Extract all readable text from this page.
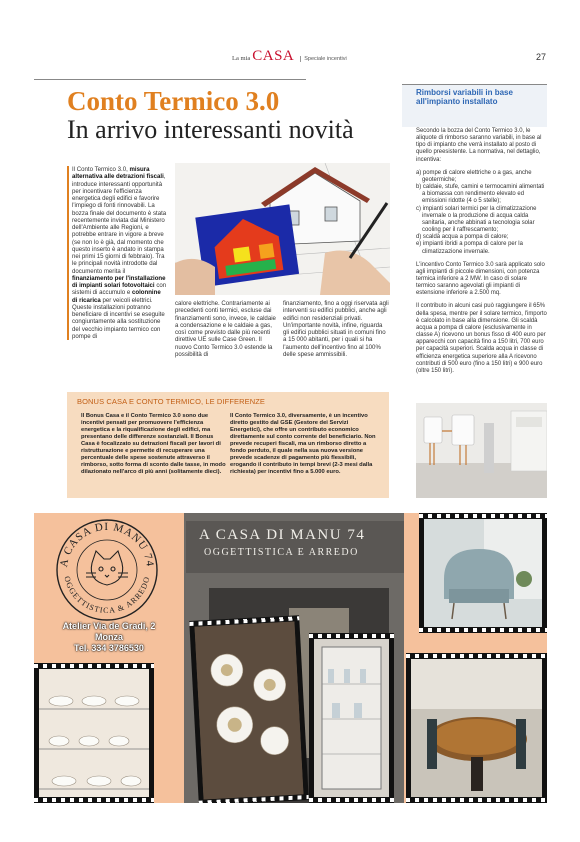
La mia CASA	Speciale incentivi	27
Conto Termico 3.0
In arrivo interessanti novità
Il Conto Termico 3.0, misura alternativa alle detrazioni fiscali, introduce interessanti opportunità per incentivare l'efficienza energetica degli edifici e favorire l'impiego di fonti rinnovabili. La bozza finale del documento è stata recentemente inviata dal Ministero dell'Ambiente alle Regioni, e potrebbe entrare in vigore a breve (se non lo è già, dal momento che questo inserto è andato in stampa nei primi 15 giorni di febbraio). Tra le principali novità introdotte dal documento merita il finanziamento per l'installazione di impianti solari fotovoltaici con sistemi di accumulo e colonnine di ricarica per veicoli elettrici. Queste installazioni potranno beneficiare di incentivi se eseguite congiuntamente alla sostituzione del vecchio impianto termico con pompe di
calore elettriche. Contrariamente ai precedenti conti termici, escluse dai finanziamenti sono, invece, le caldaie a condensazione e le caldaie a gas, così come previsto dalle più recenti direttive UE sulle Case Green. Il nuovo Conto Termico 3.0 estende la possibilità di
finanziamento, fino a oggi riservata agli interventi su edifici pubblici, anche agli edifici non residenziali privati. Un'importante novità, infine, riguarda gli edifici pubblici situati in comuni fino a 15 000 abitanti, per i quali si ha l'aumento dell'incentivo fino al 100% delle spese ammissibili.
BONUS CASA E CONTO TERMICO, LE DIFFERENZE
Il Bonus Casa e il Conto Termico 3.0 sono due incentivi pensati per promuovere l'efficienza energetica e la riqualificazione degli edifici, ma presentano delle differenze sostanziali. Il Bonus Casa è focalizzato su detrazioni fiscali per lavori di ristrutturazione e permette di recuperare una percentuale delle spese sostenute attraverso il rimborso, sotto forma di sconto dalle tasse, in modo dilazionato nell'arco di più anni (solitamente dieci).
Il Conto Termico 3.0, diversamente, è un incentivo diretto gestito dal GSE (Gestore dei Servizi Energetici), che offre un contributo economico direttamente sul conto corrente del beneficiario. Non prevede recuperi fiscali, ma un rimborso diretto a fondo perduto, il quale nella sua nuova versione prevede scadenze di pagamento più flessibili, erogando il contributo in tempi brevi (2-3 mesi dalla richiesta) per incentivi fino a 5.000 euro.
Rimborsi variabili in base all'impianto installato

Secondo la bozza del Conto Termico 3.0, le aliquote di rimborso saranno variabili, in base al tipo di impianto che verrà installato al posto di quello preesistente. La normativa, nel dettaglio, incentiva:

a) pompe di calore elettriche o a gas, anche geotermiche;
b) caldaie, stufe, camini e termocamini alimentati a biomassa con rendimento elevato ed emissioni ridotte (4 o 5 stelle);
c) impianti solari termici per la climatizzazione invernale o la produzione di acqua calda sanitaria, anche abbinati a tecnologia solar cooling per il raffrescamento;
d) scaldà acqua a pompa di calore;
e) impianti ibridi a pompa di calore per la climatizzazione invernale.

L'incentivo Conto Termico 3.0 sarà applicato solo agli impianti di piccole dimensioni, con potenza termica inferiore a 2 MW. In caso di solare termico saranno agevolati gli impianti di estensione inferiore a 2.500 mq.

Il contributo in alcuni casi può raggiungere il 65% della spesa, mentre per il solare termico, l'importo è calcolato in base alla dimensione. Gli scaldà acqua a pompa di calore (esclusivamente in classe A) ricevono un bonus fisso di 400 euro per apparecchi con capacità fino a 150 litri, 700 euro per capacità superiori. Scalda acqua in classe di efficienza energetica superiore alla A ricevono contributi di 500 euro (fino a 150 litri) e 900 euro (oltre 150 litri).

A CASA DI MANU 74
OGGETTISTICA & ARREDO
Atelier Via de Gradi, 2
Monza
Tel. 334 3786530
A CASA DI MANU 74
OGGETTISTICA E ARREDO
